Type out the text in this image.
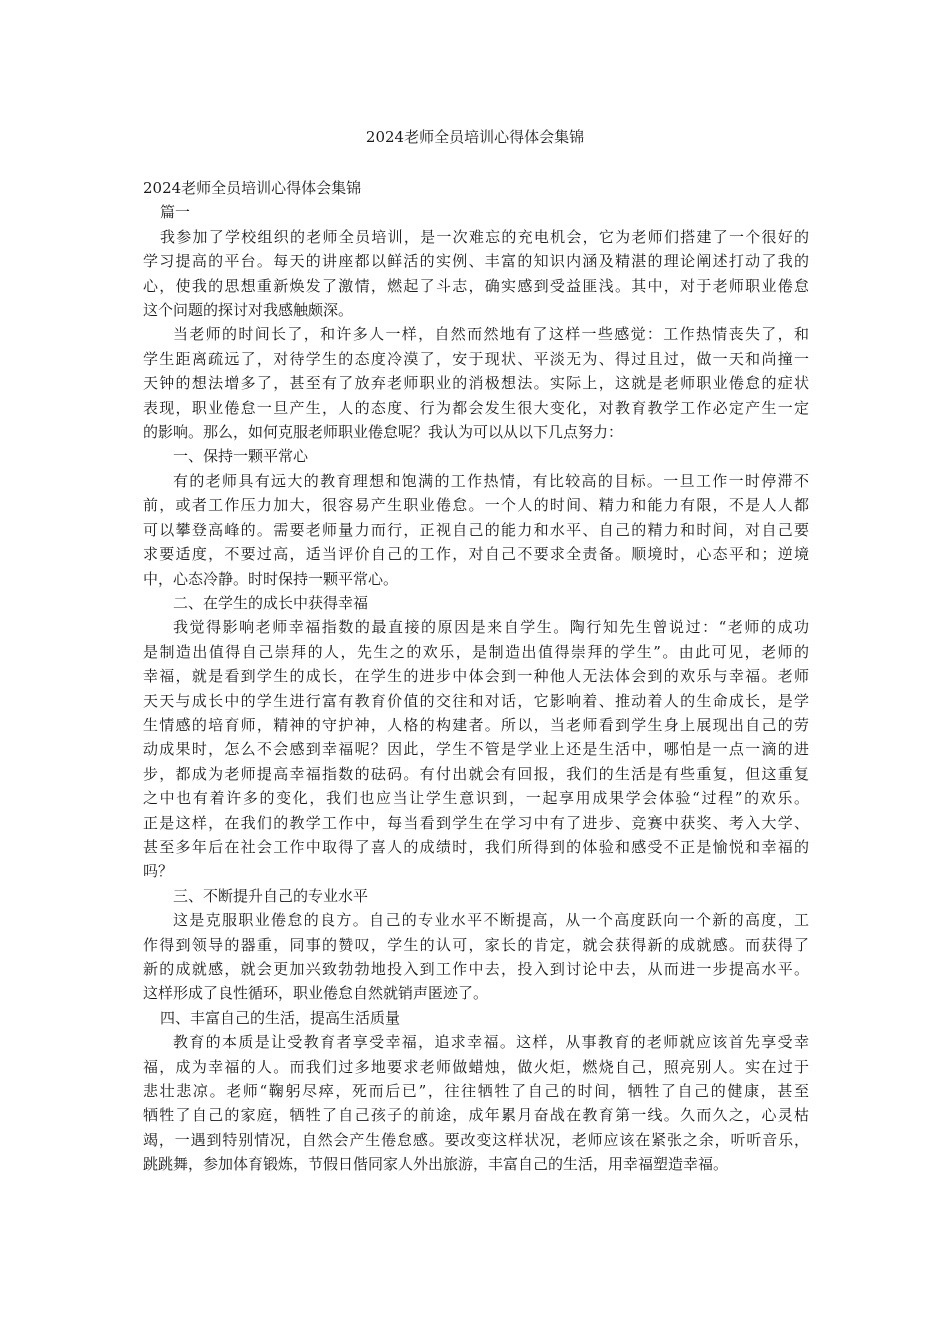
2024老师全员培训心得体会集锦
2024老师全员培训心得体会集锦
篇一
我参加了学校组织的老师全员培训，是一次难忘的充电机会，它为老师们搭建了一个很好的
学习提高的平台。每天的讲座都以鲜活的实例、丰富的知识内涵及精湛的理论阐述打动了我的
心，使我的思想重新焕发了激情，燃起了斗志，确实感到受益匪浅。其中，对于老师职业倦怠
这个问题的探讨对我感触颇深。
当老师的时间长了，和许多人一样，自然而然地有了这样一些感觉：工作热情丧失了，和
学生距离疏远了，对待学生的态度冷漠了，安于现状、平淡无为、得过且过，做一天和尚撞一
天钟的想法增多了，甚至有了放弃老师职业的消极想法。实际上，这就是老师职业倦怠的症状
表现，职业倦怠一旦产生，人的态度、行为都会发生很大变化，对教育教学工作必定产生一定
的影响。那么，如何克服老师职业倦怠呢？我认为可以从以下几点努力：
一、保持一颗平常心
有的老师具有远大的教育理想和饱满的工作热情，有比较高的目标。一旦工作一时停滞不
前，或者工作压力加大，很容易产生职业倦怠。一个人的时间、精力和能力有限，不是人人都
可以攀登高峰的。需要老师量力而行，正视自己的能力和水平、自己的精力和时间，对自己要
求要适度，不要过高，适当评价自己的工作，对自己不要求全责备。顺境时，心态平和；逆境
中，心态冷静。时时保持一颗平常心。
二、在学生的成长中获得幸福
我觉得影响老师幸福指数的最直接的原因是来自学生。陶行知先生曾说过：“老师的成功
是制造出值得自己崇拜的人，先生之的欢乐，是制造出值得崇拜的学生”。由此可见，老师的
幸福，就是看到学生的成长，在学生的进步中体会到一种他人无法体会到的欢乐与幸福。老师
天天与成长中的学生进行富有教育价值的交往和对话，它影响着、推动着人的生命成长，是学
生情感的培育师，精神的守护神，人格的构建者。所以，当老师看到学生身上展现出自己的劳
动成果时，怎么不会感到幸福呢？因此，学生不管是学业上还是生活中，哪怕是一点一滴的进
步，都成为老师提高幸福指数的砝码。有付出就会有回报，我们的生活是有些重复，但这重复
之中也有着许多的变化，我们也应当让学生意识到，一起享用成果学会体验“过程”的欢乐。
正是这样，在我们的教学工作中，每当看到学生在学习中有了进步、竞赛中获奖、考入大学、
甚至多年后在社会工作中取得了喜人的成绩时，我们所得到的体验和感受不正是愉悦和幸福的
吗？
三、不断提升自己的专业水平
这是克服职业倦怠的良方。自己的专业水平不断提高，从一个高度跃向一个新的高度，工
作得到领导的器重，同事的赞叹，学生的认可，家长的肯定，就会获得新的成就感。而获得了
新的成就感，就会更加兴致勃勃地投入到工作中去，投入到讨论中去，从而进一步提高水平。
这样形成了良性循环，职业倦怠自然就销声匿迹了。
四、丰富自己的生活，提高生活质量
教育的本质是让受教育者享受幸福，追求幸福。这样，从事教育的老师就应该首先享受幸
福，成为幸福的人。而我们过多地要求老师做蜡烛，做火炬，燃烧自己，照亮别人。实在过于
悲壮悲凉。老师“鞠躬尽瘁，死而后已”，往往牺牲了自己的时间，牺牲了自己的健康，甚至
牺牲了自己的家庭，牺牲了自己孩子的前途，成年累月奋战在教育第一线。久而久之，心灵枯
竭，一遇到特别情况，自然会产生倦怠感。要改变这样状况，老师应该在紧张之余，听听音乐，
跳跳舞，参加体育锻炼，节假日偕同家人外出旅游，丰富自己的生活，用幸福塑造幸福。
